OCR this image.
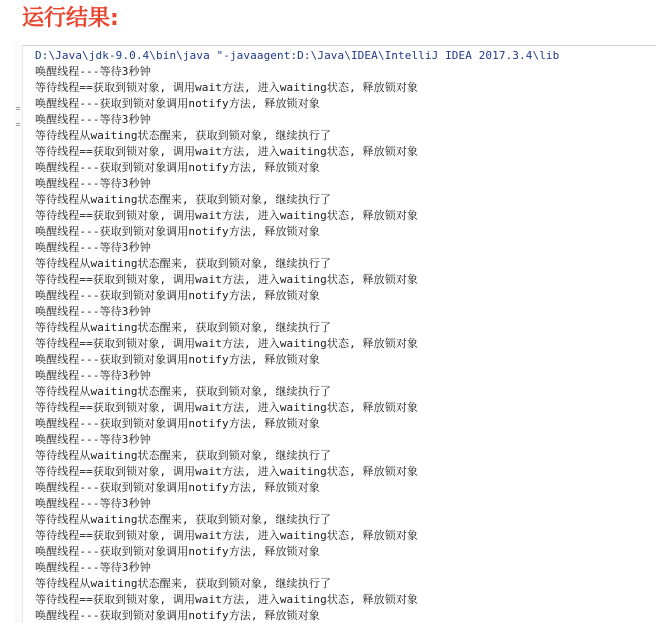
运行结果:
D:\Java\jdk-9.0.4\bin\java "-javaagent:D:\Java\IDEA\IntelliJ IDEA 2017.3.4\lib
唤醒线程---等待3秒钟
等待线程==获取到锁对象, 调用wait方法, 进入waiting状态, 释放锁对象
唤醒线程---获取到锁对象调用notify方法, 释放锁对象
唤醒线程---等待3秒钟
等待线程从waiting状态醒来, 获取到锁对象, 继续执行了
等待线程==获取到锁对象, 调用wait方法, 进入waiting状态, 释放锁对象
唤醒线程---获取到锁对象调用notify方法, 释放锁对象
唤醒线程---等待3秒钟
等待线程从waiting状态醒来, 获取到锁对象, 继续执行了
等待线程==获取到锁对象, 调用wait方法, 进入waiting状态, 释放锁对象
唤醒线程---获取到锁对象调用notify方法, 释放锁对象
唤醒线程---等待3秒钟
等待线程从waiting状态醒来, 获取到锁对象, 继续执行了
等待线程==获取到锁对象, 调用wait方法, 进入waiting状态, 释放锁对象
唤醒线程---获取到锁对象调用notify方法, 释放锁对象
唤醒线程---等待3秒钟
等待线程从waiting状态醒来, 获取到锁对象, 继续执行了
等待线程==获取到锁对象, 调用wait方法, 进入waiting状态, 释放锁对象
唤醒线程---获取到锁对象调用notify方法, 释放锁对象
唤醒线程---等待3秒钟
等待线程从waiting状态醒来, 获取到锁对象, 继续执行了
等待线程==获取到锁对象, 调用wait方法, 进入waiting状态, 释放锁对象
唤醒线程---获取到锁对象调用notify方法, 释放锁对象
唤醒线程---等待3秒钟
等待线程从waiting状态醒来, 获取到锁对象, 继续执行了
等待线程==获取到锁对象, 调用wait方法, 进入waiting状态, 释放锁对象
唤醒线程---获取到锁对象调用notify方法, 释放锁对象
唤醒线程---等待3秒钟
等待线程从waiting状态醒来, 获取到锁对象, 继续执行了
等待线程==获取到锁对象, 调用wait方法, 进入waiting状态, 释放锁对象
唤醒线程---获取到锁对象调用notify方法, 释放锁对象
唤醒线程---等待3秒钟
等待线程从waiting状态醒来, 获取到锁对象, 继续执行了
等待线程==获取到锁对象, 调用wait方法, 进入waiting状态, 释放锁对象
唤醒线程---获取到锁对象调用notify方法, 释放锁对象
